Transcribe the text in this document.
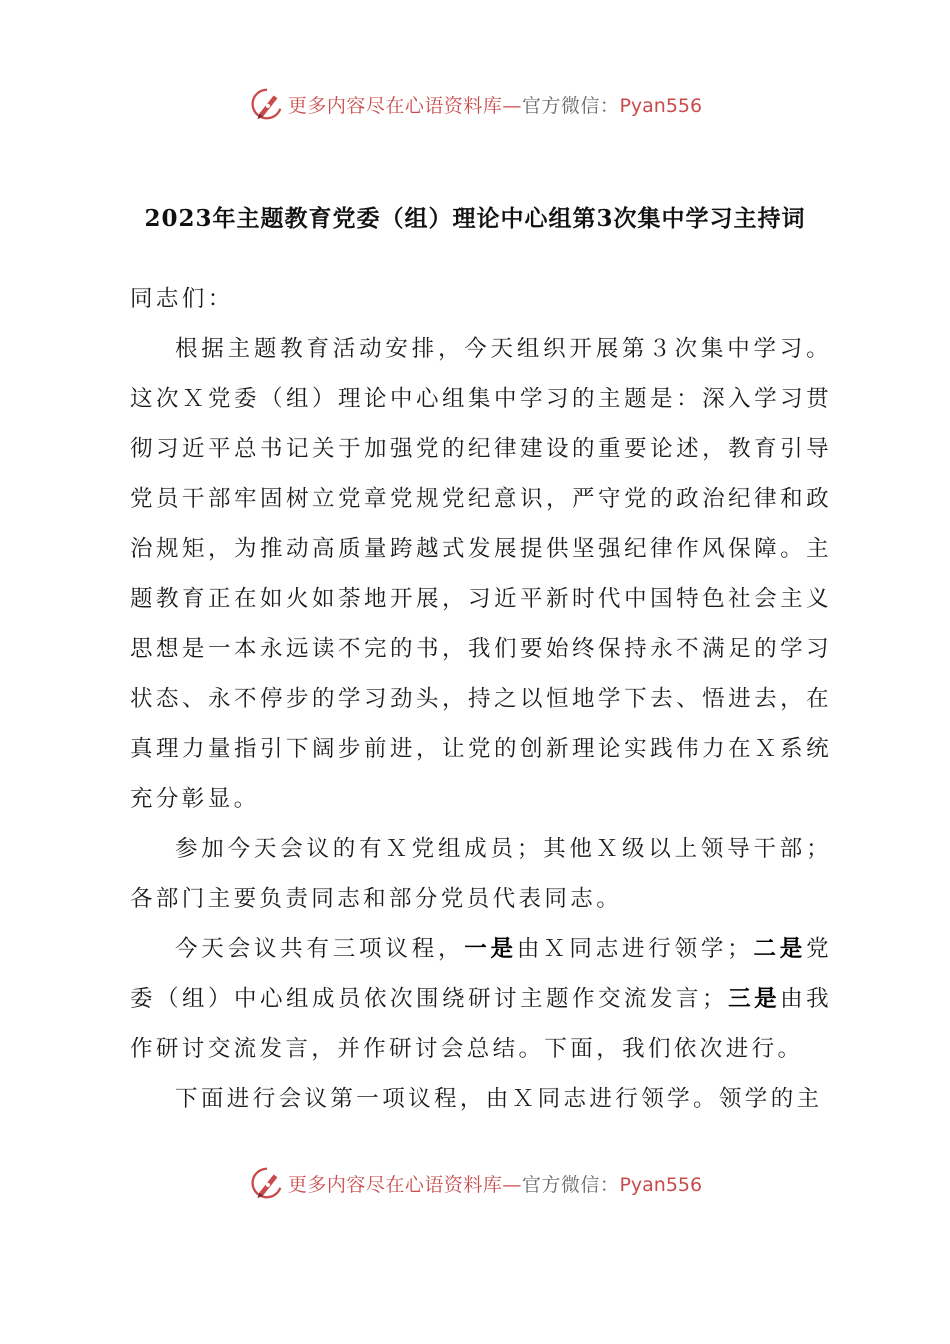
更多内容尽在心语资料库—官方微信：Pyan556
2023年主题教育党委（组）理论中心组第3次集中学习主持词

同志们：

根据主题教育活动安排，今天组织开展第３次集中学习。这次Ｘ党委（组）理论中心组集中学习的主题是：深入学习贯彻习近平总书记关于加强党的纪律建设的重要论述，教育引导党员干部牢固树立党章党规党纪意识，严守党的政治纪律和政治规矩，为推动高质量跨越式发展提供坚强纪律作风保障。主题教育正在如火如荼地开展，习近平新时代中国特色社会主义思想是一本永远读不完的书，我们要始终保持永不满足的学习状态、永不停步的学习劲头，持之以恒地学下去、悟进去，在真理力量指引下阔步前进，让党的创新理论实践伟力在Ｘ系统充分彰显。

参加今天会议的有Ｘ党组成员；其他Ｘ级以上领导干部；各部门主要负责同志和部分党员代表同志。

今天会议共有三项议程，一是由Ｘ同志进行领学；二是党委（组）中心组成员依次围绕研讨主题作交流发言；三是由我作研讨交流发言，并作研讨会总结。下面，我们依次进行。

下面进行会议第一项议程，由Ｘ同志进行领学。领学的主

更多内容尽在心语资料库—官方微信：Pyan556
